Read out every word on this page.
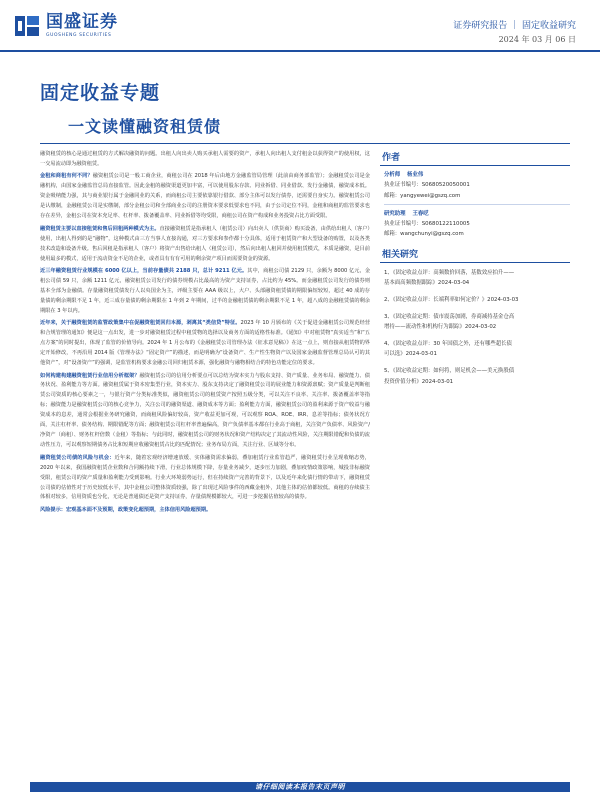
国盛证券
GUOSHENG SECURITIES
证券研究报告 ｜ 固定收益研究
2024 年 03 月 06 日
固定收益专题
一文读懂融资租赁债

融资租赁的核心是通过租赁的方式解决融资的问题。出租人向出卖人购买承租人需要的资产，承租人向出租人支付租金以获得资产的使用权，这一交易流动即为融资租赁。

金租和商租有何不同？融资租赁公司是一般工商企业，商租公司在 2018 年后由地方金融监管局管理（此前由商务部监管）；金融租赁公司是金融机构，由国家金融监管总局直接监管。因此金租的融资渠道更加丰富，可以使用股东存款、同业拆借、同业借款、发行金融债，融资成本低。资金吸纳能力强，其与商业银行属于金融同业的关系，而商租公司主要依靠银行借款、部分主体可以发行债券，还需要自身实力。融资租赁公司是认缴制，金融租赁公司是实缴制，部分金租公司和全部商业公司的注册资本要求低要求也不同，由于公司定位不同，金租和商租的监管要求也存在差异，金租公司在资本充足率、杠杆率、拨备覆盖率、同业拆借等均受限，商租公司在资产构成和业务投资占比方面受限。

融资租赁主要以直接租赁和售后回租两种模式为主。直接融资租赁是指承租人（租赁公司）向出卖人（供货商）购买设备，由供给出租人（客户）使用，出租人得到的是“融物”，这种模式由三方当事人直接沟通，对三方要求和参作都十分具体，适用于租赁资产和大型设备的购置，以及各类技术改造和设备升级。售后回租是指承租人（客户）将资产出售给出租人（租赁公司），然后向出租人租回并使用租赁模式，本质是融资，是目前使用最多的模式，适用于流动资金不足的企业，或者具有有有可用的剩余资产项目而需要资金的资源。

近三年融资租赁行业规模在 6000 亿以上，当前存量债共 2188 只，总计 9211 亿元。其中，商租公司债 2129 只，余额为 8000 亿元，金租公司债 59 只，余额 1211 亿元，融资租赁公司发行的债券规模占比最高的为资产支持证券，占比约为 45%。而金融租赁公司发行的债券则基本全部为金融债。存量融资租赁债发行人以央国企为主，评级主要在 AAA 级以上，大户、头部融资租赁债的期限偏短较短，超过 40 成的存量债的剩余期限不足 1 年，近三成存量债的剩余期限在 1 年到 2 年期间，过半的金融租赁债的剩余期限不足 1 年，超八成的金融租赁债的剩余期限在 3 年以内。

近年来，关于融资租赁的监管政策集中在促融资租赁回归本源，剥离其“类信贷”特征。2023 年 10 月颁布的《关于促进金融租赁公司规范经营和合规管理的通知》便是这一点出发，进一步对融资租赁过程中租赁物的选择以及商务方面的适格性标准。《通知》中对租赁物“真实适当”和“五点方案”的同时提出，体现了监管的价值导向。2024 年 1 月公布的《金融租赁公司管理办法（征求意见稿）》在这一点上，则直接从租赁物的界定开始修改，不再沿用 2014 版《管理办法》“固定资产”的描述，而是明确为“设备资产、生产性生物资产以及国家金融监督管理总局认可的其他资产”，对“设备资产”的强调，是监管机构要求金融公司回归租赁本源，强化融资与融物相结合的特色功能定位的要求。

如何构建构建融资租赁行业信用分析框架？融资租赁公司的信用分析要点可以总结为资本实力与股东支持、资产质量、业务布局、融资能力、债务状况、盈利能力等方面。融资租赁属于资本密集型行业，资本实力、股东支持决定了融资租赁公司的展业能力和资源禀赋；资产质量是判断租赁公司资质的核心要素之一，与银行资产分类标准类似，融资租赁公司的租赁资产按照五级分类，可以关注不良率、关注率、拨备覆盖率等指标；融资能力是融资租赁公司的核心竞争力，关注公司的融资渠道、融资成本等方面；盈利能力方面，融资租赁公司的盈利来源于资产收益与融资成本的息差，通常会根据业务研究融资，而商租风险偏好较高，资产收益更加可观，可以观察 ROA、ROE、IRR、息差等指标；债务状况方面，关注杠杆率、债务结构、期限错配等方面；融资租赁公司杠杆率普遍偏高，资产负债率基本都在行业高于商租，关注资产负债率、风险资产/净资产（商租）、财务杠杆倍数（金租）等指标；与此同时，融资租赁公司的财务状况和资产结构决定了其流动性风险，关注期限错配和负债的流动性压力，可以观察短期债务占比和短期应收融资租赁占比的匹配情况；业务布局方面，关注行业、区域等分布。

融资租赁公司债的风险与机会：近年来，随着宏观经济增速放缓、实体融资需求偏弱，叠加租赁行业监管趋严，融资租赁行业呈现收缩态势，2020 年以来，我国融资租赁企业数和合同额持续下滑，行业总体规模下降，存量业务减少，逐步压力加剧，叠加疫情政策影响，城投非标融资受限，租赁公司的资产质量和盈利能力受到影响。行业大环境弱势运行，但在持续资产完善的背景下，以及近年来化债行情的带动下，融资租赁公司债的估值性对于历史较低水平，其中金租公司整体资质较强，除了出现过风险事件的西藏金租外，其他主体的估值都较低。商租的存续债主体相对较多，信用资质也分化，无论是普通债还是资产支持证券，存量债规模都较大，可进一步挖掘估值较高的债券。

风险提示：宏观基本面不及预期，政策变化超预期，主体信用风险超预期。

作者
分析师 杨业伟
执业证书编号：S0680520050001
邮箱：yangyewei@gszq.com
研究助理 王春呓
执业证书编号：S0680122110005
邮箱：wangchunyi@gszq.com
相关研究
1、《固定收益点评：高频数价回落，基数效应拍升——
基本面高频数据跟踪》2024-03-04
2、《固定收益点评：长端利率如何定价？》2024-03-03
3、《固定收益定期：债市震荡加剧，券商减持基金仓高
增持——流动性和机构行为跟踪》2024-03-02
4、《固定收益点评：30 年国债之外，还有哪些超长债
可以选》2024-03-01
5、《固定收益定期：如何将，则足机会——美元换股债
投资价值分析》2024-03-01
请仔细阅读本报告末页声明
